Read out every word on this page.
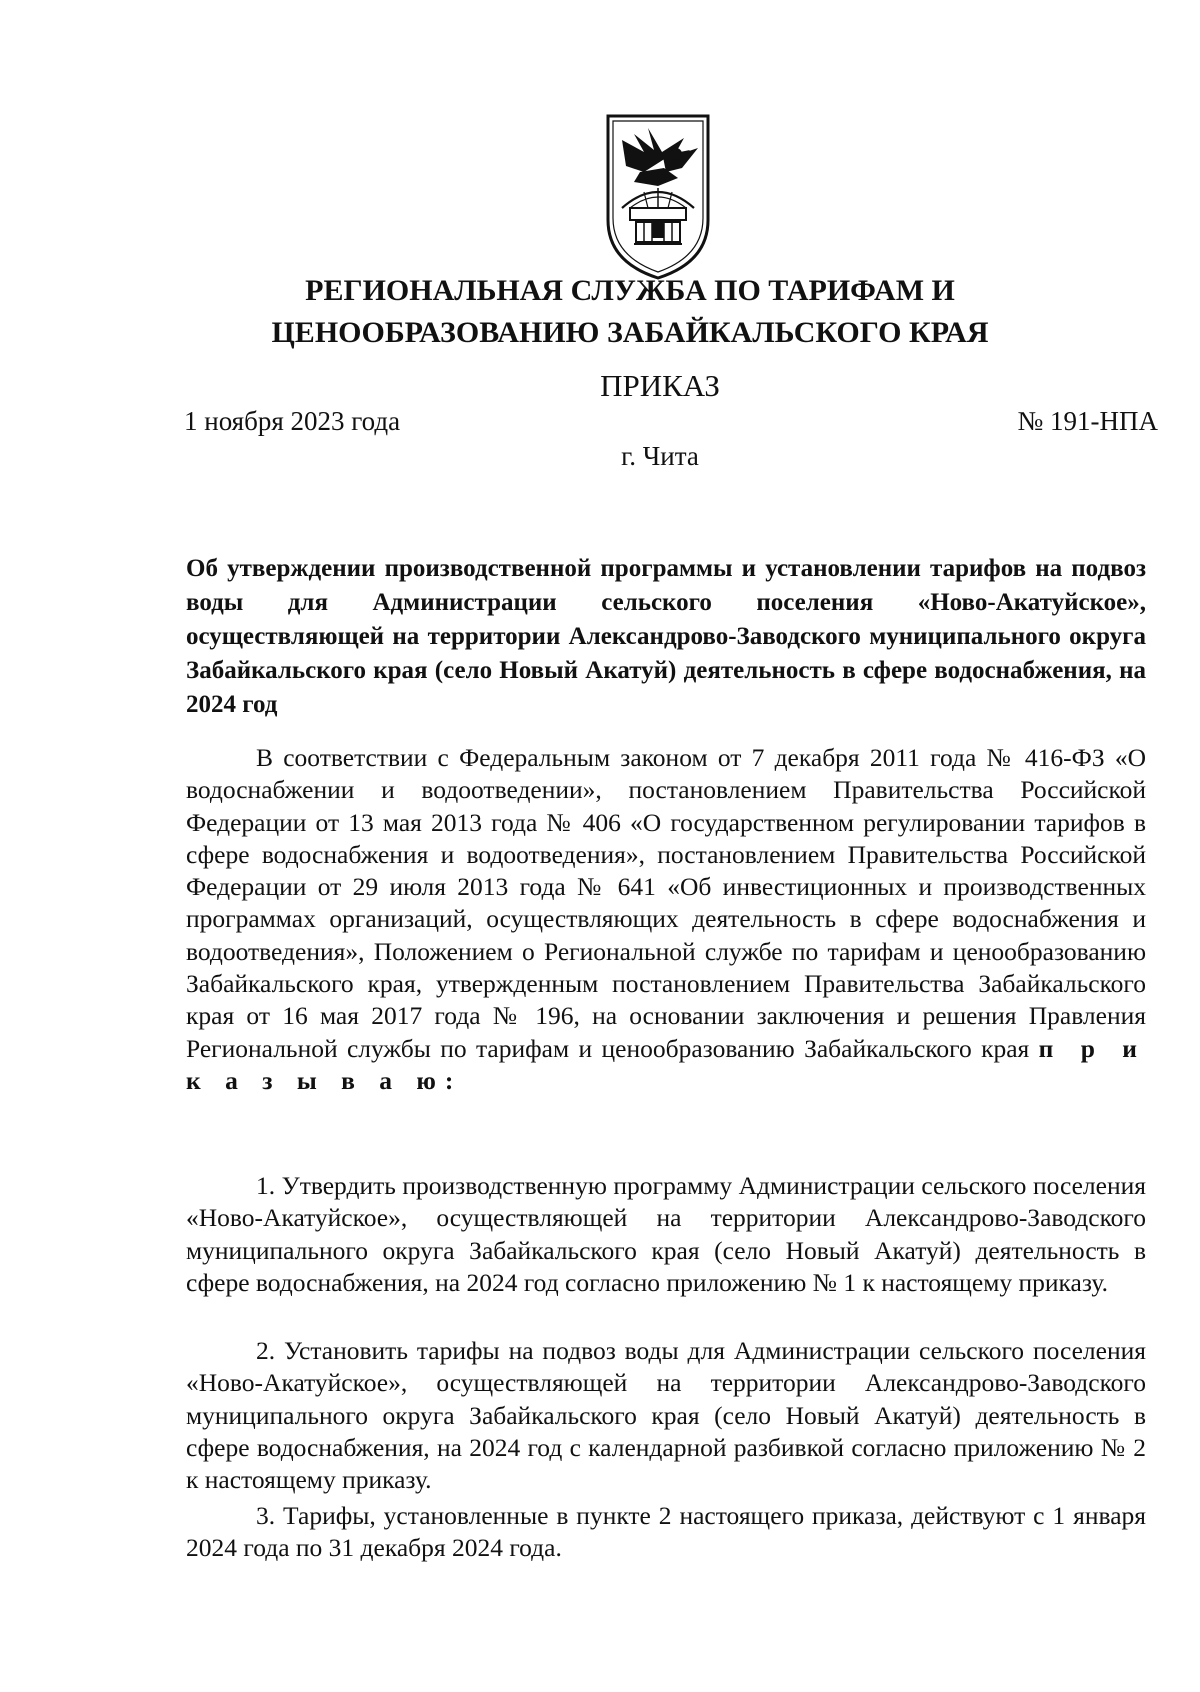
РЕГИОНАЛЬНАЯ СЛУЖБА ПО ТАРИФАМ И
ЦЕНООБРАЗОВАНИЮ ЗАБАЙКАЛЬСКОГО КРАЯ
ПРИКАЗ
1 ноября 2023 года	№ 191-НПА
г. Чита
Об утверждении производственной программы и установлении тарифов на подвоз воды для Администрации сельского поселения «Ново-Акатуйское», осуществляющей на территории Александрово-Заводского муниципального округа Забайкальского края (село Новый Акатуй) деятельность в сфере водоснабжения, на 2024 год
В соответствии с Федеральным законом от 7 декабря 2011 года № 416-ФЗ «О водоснабжении и водоотведении», постановлением Правительства Российской Федерации от 13 мая 2013 года № 406 «О государственном регулировании тарифов в сфере водоснабжения и водоотведения», постановлением Правительства Российской Федерации от 29 июля 2013 года № 641 «Об инвестиционных и производственных программах организаций, осуществляющих деятельность в сфере водоснабжения и водоотведения», Положением о Региональной службе по тарифам и ценообразованию Забайкальского края, утвержденным постановлением Правительства Забайкальского края от 16 мая 2017 года № 196, на основании заключения и решения Правления Региональной службы по тарифам и ценообразованию Забайкальского края п р и к а з ы в а ю:
1. Утвердить производственную программу Администрации сельского поселения «Ново-Акатуйское», осуществляющей на территории Александрово-Заводского муниципального округа Забайкальского края (село Новый Акатуй) деятельность в сфере водоснабжения, на 2024 год согласно приложению № 1 к настоящему приказу.
2. Установить тарифы на подвоз воды для Администрации сельского поселения «Ново-Акатуйское», осуществляющей на территории Александрово-Заводского муниципального округа Забайкальского края (село Новый Акатуй) деятельность в сфере водоснабжения, на 2024 год с календарной разбивкой согласно приложению № 2 к настоящему приказу.
3. Тарифы, установленные в пункте 2 настоящего приказа, действуют с 1 января 2024 года по 31 декабря 2024 года.
